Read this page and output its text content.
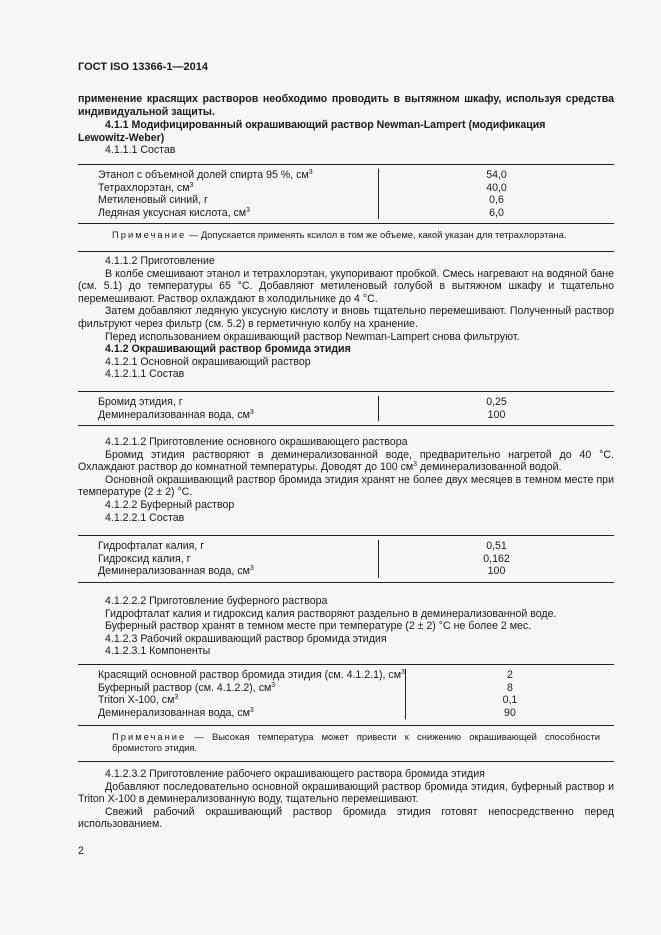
ГОСТ ISO 13366-1—2014

применение красящих растворов необходимо проводить в вытяжном шкафу, используя средства индивидуальной защиты.

4.1.1 Модифицированный окрашивающий раствор Newman-Lampert (модификация

Lewowitz-Weber)

4.1.1.1 Состав

Этанол с объемной долей спирта 95 %, $см^3$	54,0
Тетрахлорэтан, $см^3$	40,0
Метиленовый синий, г	0,6
Ледяная уксусная кислота, $см^3$	6,0
Примечание — Допускается применять ксилол в том же объеме, какой указан для тетрахлорэтана.

4.1.1.2 Приготовление

В колбе смешивают этанол и тетрахлорэтан, укупоривают пробкой. Смесь нагревают на водяной бане (см. 5.1) до температуры 65 °С. Добавляют метиленовый голубой в вытяжном шкафу и тщательно перемешивают. Раствор охлаждают в холодильнике до 4 °С.

Затем добавляют ледяную уксусную кислоту и вновь тщательно перемешивают. Полученный раствор фильтруют через фильтр (см. 5.2) в герметичную колбу на хранение.

Перед использованием окрашивающий раствор Newman-Lampert снова фильтруют.

4.1.2 Окрашивающий раствор бромида этидия

4.1.2.1 Основной окрашивающий раствор

4.1.2.1.1 Состав

Бромид этидия, г	0,25
Деминерализованная вода, $см^3$	100

4.1.2.1.2 Приготовление основного окрашивающего раствора

Бромид этидия растворяют в деминерализованной воде, предварительно нагретой до 40 °С. Охлаждают раствор до комнатной температуры. Доводят до 100 $см^3$ деминерализованной водой.

Основной окрашивающий раствор бромида этидия хранят не более двух месяцев в темном месте при температуре (2 ± 2) °С.

4.1.2.2 Буферный раствор

4.1.2.2.1 Состав

Гидрофталат калия, г	0,51
Гидроксид калия, г	0,162
Деминерализованная вода, $см^3$	100

4.1.2.2.2 Приготовление буферного раствора

Гидрофталат калия и гидроксид калия растворяют раздельно в деминерализованной воде.

Буферный раствор хранят в темном месте при температуре (2 ± 2) °С не более 2 мес.

4.1.2.3 Рабочий окрашивающий раствор бромида этидия

4.1.2.3.1 Компоненты

Красящий основной раствор бромида этидия (см. 4.1.2.1), $см^3$	2
Буферный раствор (см. 4.1.2.2), $см^3$	8
Triton X-100, $см^3$	0,1
Деминерализованная вода, $см^3$	90
Примечание — Высокая температура может привести к снижению окрашивающей способности бромистого этидия.

4.1.2.3.2 Приготовление рабочего окрашивающего раствора бромида этидия

Добавляют последовательно основной окрашивающий раствор бромида этидия, буферный раствор и Triton X-100 в деминерализованную воду, тщательно перемешивают.

Свежий рабочий окрашивающий раствор бромида этидия готовят непосредственно перед использованием.

2
